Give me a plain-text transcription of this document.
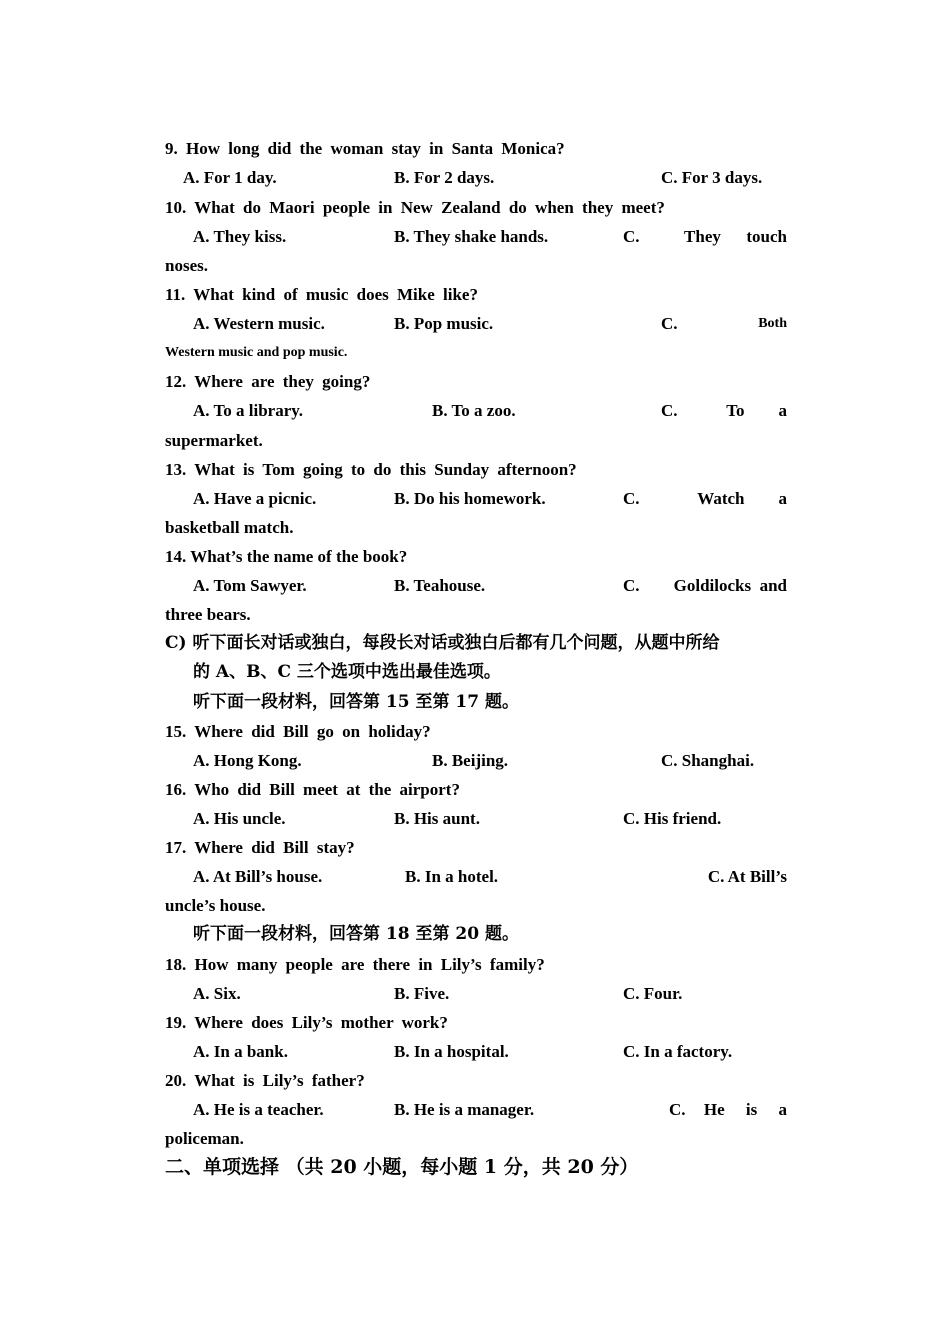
9. How long did the woman stay in Santa Monica?
A. For 1 day.	B. For 2 days.	C. For 3 days.
10. What do Maori people in New Zealand do when they meet?
A. They kiss.	B. They shake hands.	C.	They      touch
noses.
11. What kind of music does Mike like?
A. Western music.	B. Pop music.	C.	Both
Western music and pop music.
12. Where are they going?
A. To a library.	B. To a zoo.	C.	To        a
supermarket.
13. What is Tom going to do this Sunday afternoon?
A. Have a picnic.	B. Do his homework.	C.	Watch        a
basketball match.
14. What’s the name of the book?
A. Tom Sawyer.	B. Teahouse.	C. Goldilocks  and
three bears.
C) 听下面长对话或独白，每段长对话或独白后都有几个问题，从题中所给
的 A、B、C 三个选项中选出最佳选项。
听下面一段材料，回答第 15 至第 17 题。
15. Where did Bill go on holiday?
A. Hong Kong.	B. Beijing.	C. Shanghai.
16. Who did Bill meet at the airport?
A. His uncle.	B. His aunt.	C. His friend.
17. Where did Bill stay?
A. At Bill’s house.	B. In a hotel.	C. At Bill’s
uncle’s house.
听下面一段材料，回答第 18 至第 20 题。
18. How many people are there in Lily’s family?
A. Six.	B. Five.	C. Four.
19. Where does Lily’s mother work?
A. In a bank.	B. In a hospital.	C. In a factory.
20. What is Lily’s father?
A. He is a teacher.	B. He is a manager.	C. He     is     a
policeman.
二、单项选择 （共 20 小题，每小题 1 分，共 20 分）
